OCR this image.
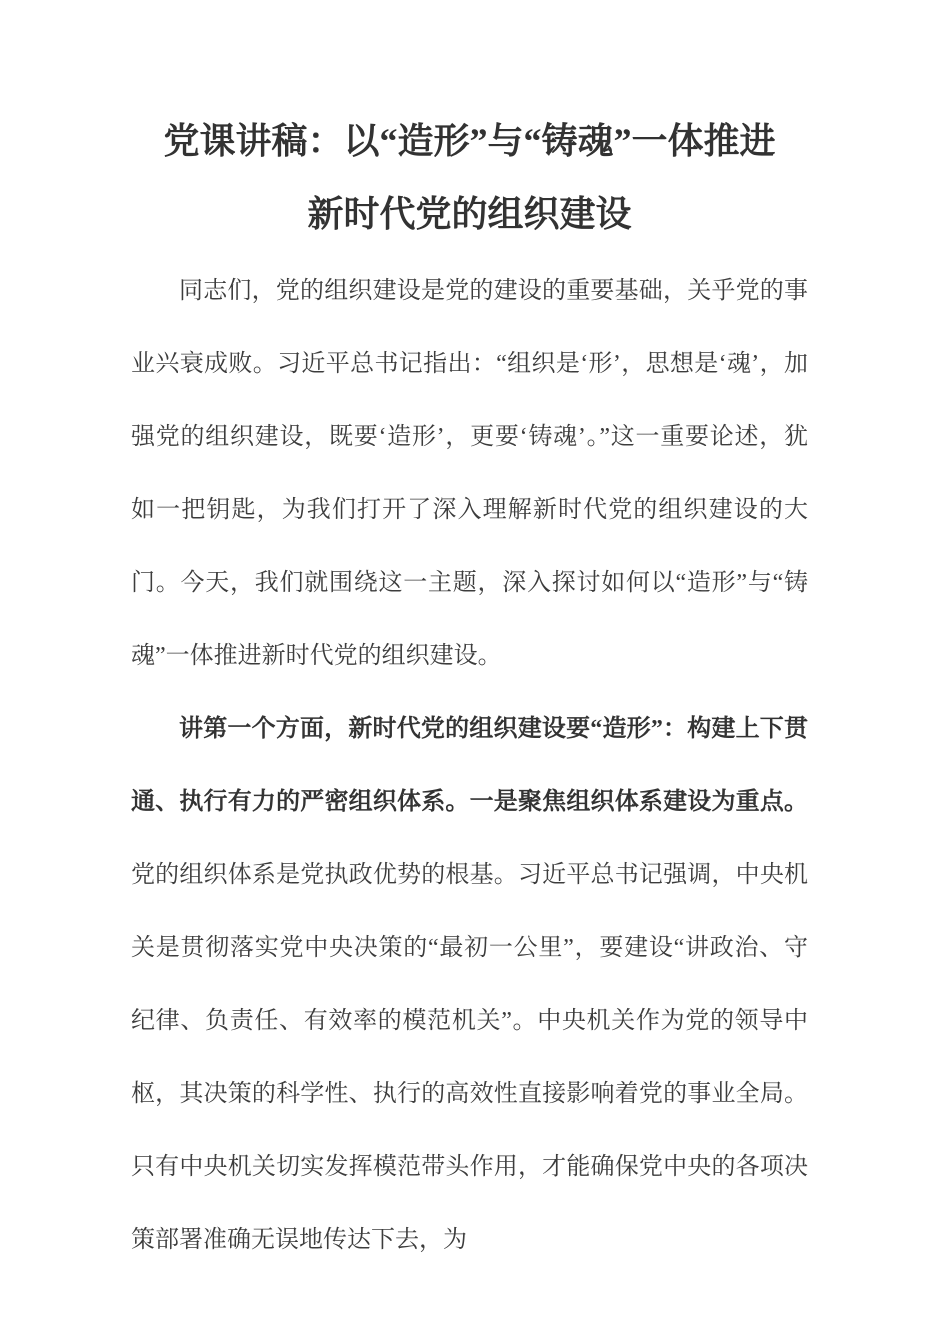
党课讲稿：以“造形”与“铸魂”一体推进
新时代党的组织建设

同志们，党的组织建设是党的建设的重要基础，关乎党的事业兴衰成败。习近平总书记指出：“组织是‘形’，思想是‘魂’，加强党的组织建设，既要‘造形’，更要‘铸魂’。”这一重要论述，犹如一把钥匙，为我们打开了深入理解新时代党的组织建设的大门。今天，我们就围绕这一主题，深入探讨如何以“造形”与“铸魂”一体推进新时代党的组织建设。

讲第一个方面，新时代党的组织建设要“造形”：构建上下贯通、执行有力的严密组织体系。一是聚焦组织体系建设为重点。党的组织体系是党执政优势的根基。习近平总书记强调，中央机关是贯彻落实党中央决策的“最初一公里”，要建设“讲政治、守纪律、负责任、有效率的模范机关”。中央机关作为党的领导中枢，其决策的科学性、执行的高效性直接影响着党的事业全局。只有中央机关切实发挥模范带头作用，才能确保党中央的各项决策部署准确无误地传达下去，为
